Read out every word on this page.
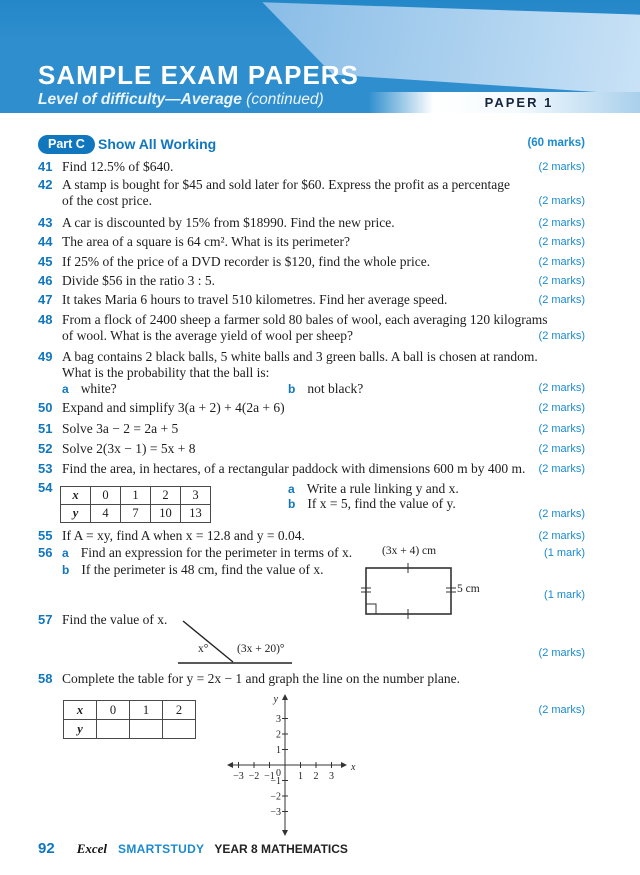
PAPER 1
SAMPLE EXAM PAPERS
Level of difficulty—Average (continued)
Part C Show All Working	(60 marks)
41 Find 12.5% of $640.	(2 marks)
42 A stamp is bought for $45 and sold later for $60. Express the profit as a percentage
of the cost price.	(2 marks)
43 A car is discounted by 15% from $18990. Find the new price.	(2 marks)
44 The area of a square is 64 cm². What is its perimeter?	(2 marks)
45 If 25% of the price of a DVD recorder is $120, find the whole price.	(2 marks)
46 Divide $56 in the ratio 3 : 5.	(2 marks)
47 It takes Maria 6 hours to travel 510 kilometres. Find her average speed.	(2 marks)
48 From a flock of 2400 sheep a farmer sold 80 bales of wool, each averaging 120 kilograms
of wool. What is the average yield of wool per sheep?	(2 marks)
49 A bag contains 2 black balls, 5 white balls and 3 green balls. A ball is chosen at random.
What is the probability that the ball is:
a white?	b not black?	(2 marks)
50 Expand and simplify 3(a + 2) + 4(2a + 6)	(2 marks)
51 Solve 3a − 2 = 2a + 5	(2 marks)
52 Solve 2(3x − 1) = 5x + 8	(2 marks)
53 Find the area, in hectares, of a rectangular paddock with dimensions 600 m by 400 m. (2 marks)
54 x	0	1	2	3
y	4	7	10	13
a Write a rule linking y and x.
b If x = 5, find the value of y.
(2 marks)
55 If A = xy, find A when x = 12.8 and y = 0.04.	(2 marks)
56 a Find an expression for the perimeter in terms of x.	(1 mark)
b If the perimeter is 48 cm, find the value of x.
(1 mark)
(3x + 4) cm
5 cm
57 Find the value of x.
x° (3x + 20)°	(2 marks)
58 Complete the table for y = 2x − 1 and graph the line on the number plane.
x	0	1	2
y			
(2 marks)
−3 −2 −1 1 2 3
3
2
1
−1
−2
−3
0
y
x
92 Excel SMARTSTUDY YEAR 8 MATHEMATICS
